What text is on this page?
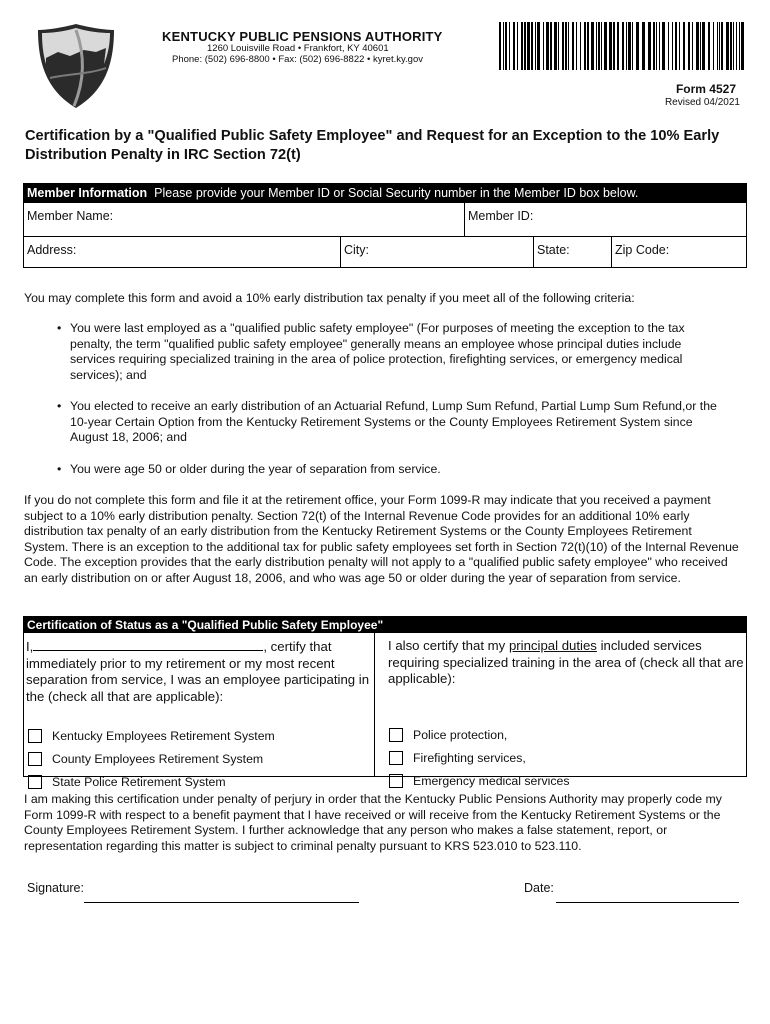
KENTUCKY PUBLIC PENSIONS AUTHORITY
1260 Louisville Road • Frankfort, KY 40601
Phone: (502) 696-8800 • Fax: (502) 696-8822 • kyret.ky.gov
Form 4527
Revised 04/2021
Certification by a "Qualified Public Safety Employee" and Request for an Exception to the 10% Early Distribution Penalty in IRC Section 72(t)
Member Information Please provide your Member ID or Social Security number in the Member ID box below.
Member Name:	Member ID:
Address:	City:	State:	Zip Code:
You may complete this form and avoid a 10% early distribution tax penalty if you meet all of the following criteria:
• You were last employed as a "qualified public safety employee" (For purposes of meeting the exception to the tax penalty, the term "qualified public safety employee" generally means an employee whose principal duties include services requiring specialized training in the area of police protection, firefighting services, or emergency medical services); and
• You elected to receive an early distribution of an Actuarial Refund, Lump Sum Refund, Partial Lump Sum Refund,or the 10-year Certain Option from the Kentucky Retirement Systems or the County Employees Retirement System since August 18, 2006; and
• You were age 50 or older during the year of separation from service.
If you do not complete this form and file it at the retirement office, your Form 1099-R may indicate that you received a payment subject to a 10% early distribution penalty. Section 72(t) of the Internal Revenue Code provides for an additional 10% early distribution tax penalty of an early distribution from the Kentucky Retirement Systems or the County Employees Retirement System. There is an exception to the additional tax for public safety employees set forth in Section 72(t)(10) of the Internal Revenue Code. The exception provides that the early distribution penalty will not apply to a "qualified public safety employee" who received an early distribution on or after August 18, 2006, and who was age 50 or older during the year of separation from service.
Certification of Status as a "Qualified Public Safety Employee"
I,	, certify that immediately prior to my retirement or my most recent separation from service, I was an employee participating in the (check all that are applicable):
Kentucky Employees Retirement System
County Employees Retirement System
State Police Retirement System
I also certify that my principal duties included services requiring specialized training in the area of (check all that are applicable):
Police protection,
Firefighting services,
Emergency medical services
I am making this certification under penalty of perjury in order that the Kentucky Public Pensions Authority may properly code my Form 1099-R with respect to a benefit payment that I have received or will receive from the Kentucky Retirement Systems or the County Employees Retirement System. I further acknowledge that any person who makes a false statement, report, or representation regarding this matter is subject to criminal penalty pursuant to KRS 523.010 to 523.110.
Signature:	Date:
